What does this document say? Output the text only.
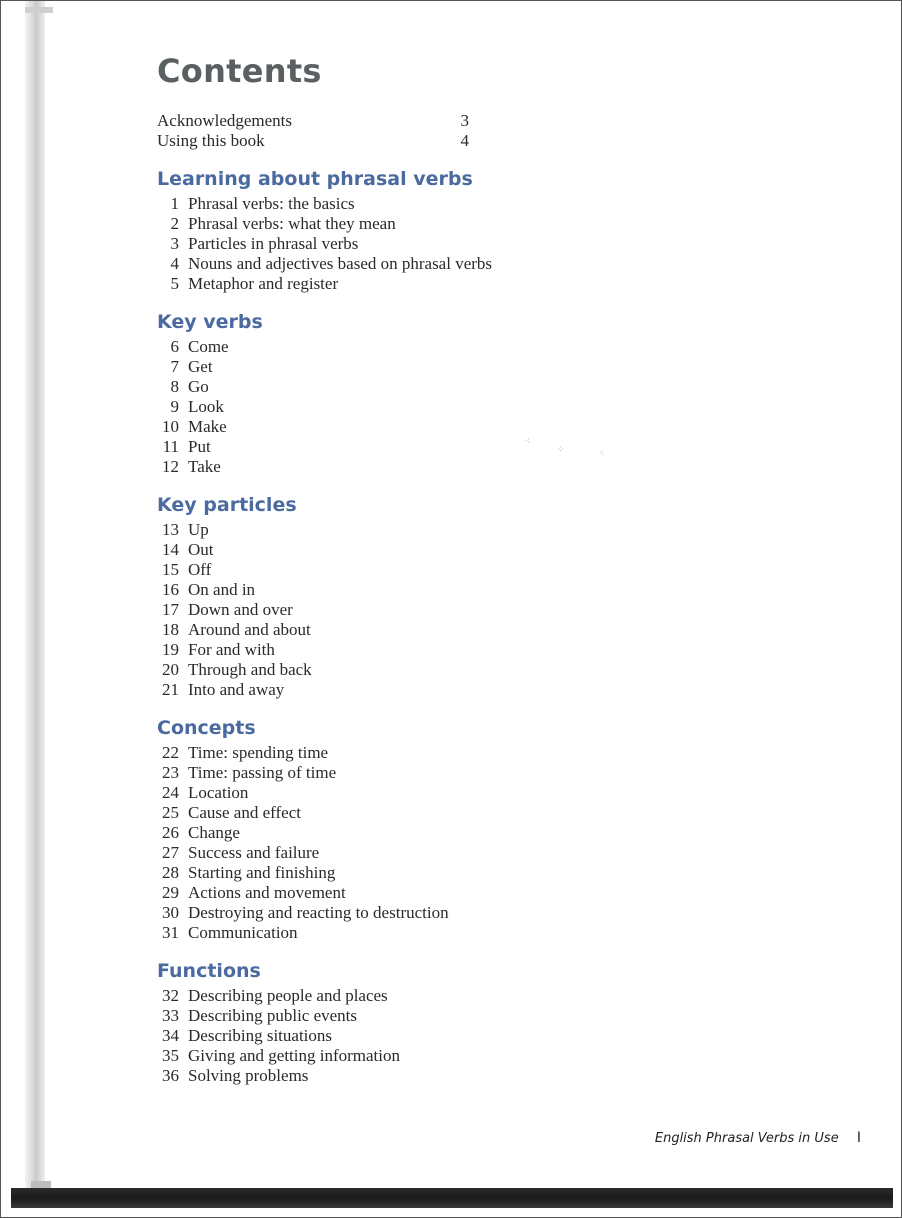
Contents
Acknowledgements	3
Using this book	4
Learning about phrasal verbs
1 Phrasal verbs: the basics
2 Phrasal verbs: what they mean
3 Particles in phrasal verbs
4 Nouns and adjectives based on phrasal verbs
5 Metaphor and register
Key verbs
6 Come
7 Get
8 Go
9 Look
10 Make
11 Put
12 Take
Key particles
13 Up
14 Out
15 Off
16 On and in
17 Down and over
18 Around and about
19 For and with
20 Through and back
21 Into and away
Concepts
22 Time: spending time
23 Time: passing of time
24 Location
25 Cause and effect
26 Change
27 Success and failure
28 Starting and finishing
29 Actions and movement
30 Destroying and reacting to destruction
31 Communication
Functions
32 Describing people and places
33 Describing public events
34 Describing situations
35 Giving and getting information
36 Solving problems
English Phrasal Verbs in Use I
⁖
⁘	⁖
